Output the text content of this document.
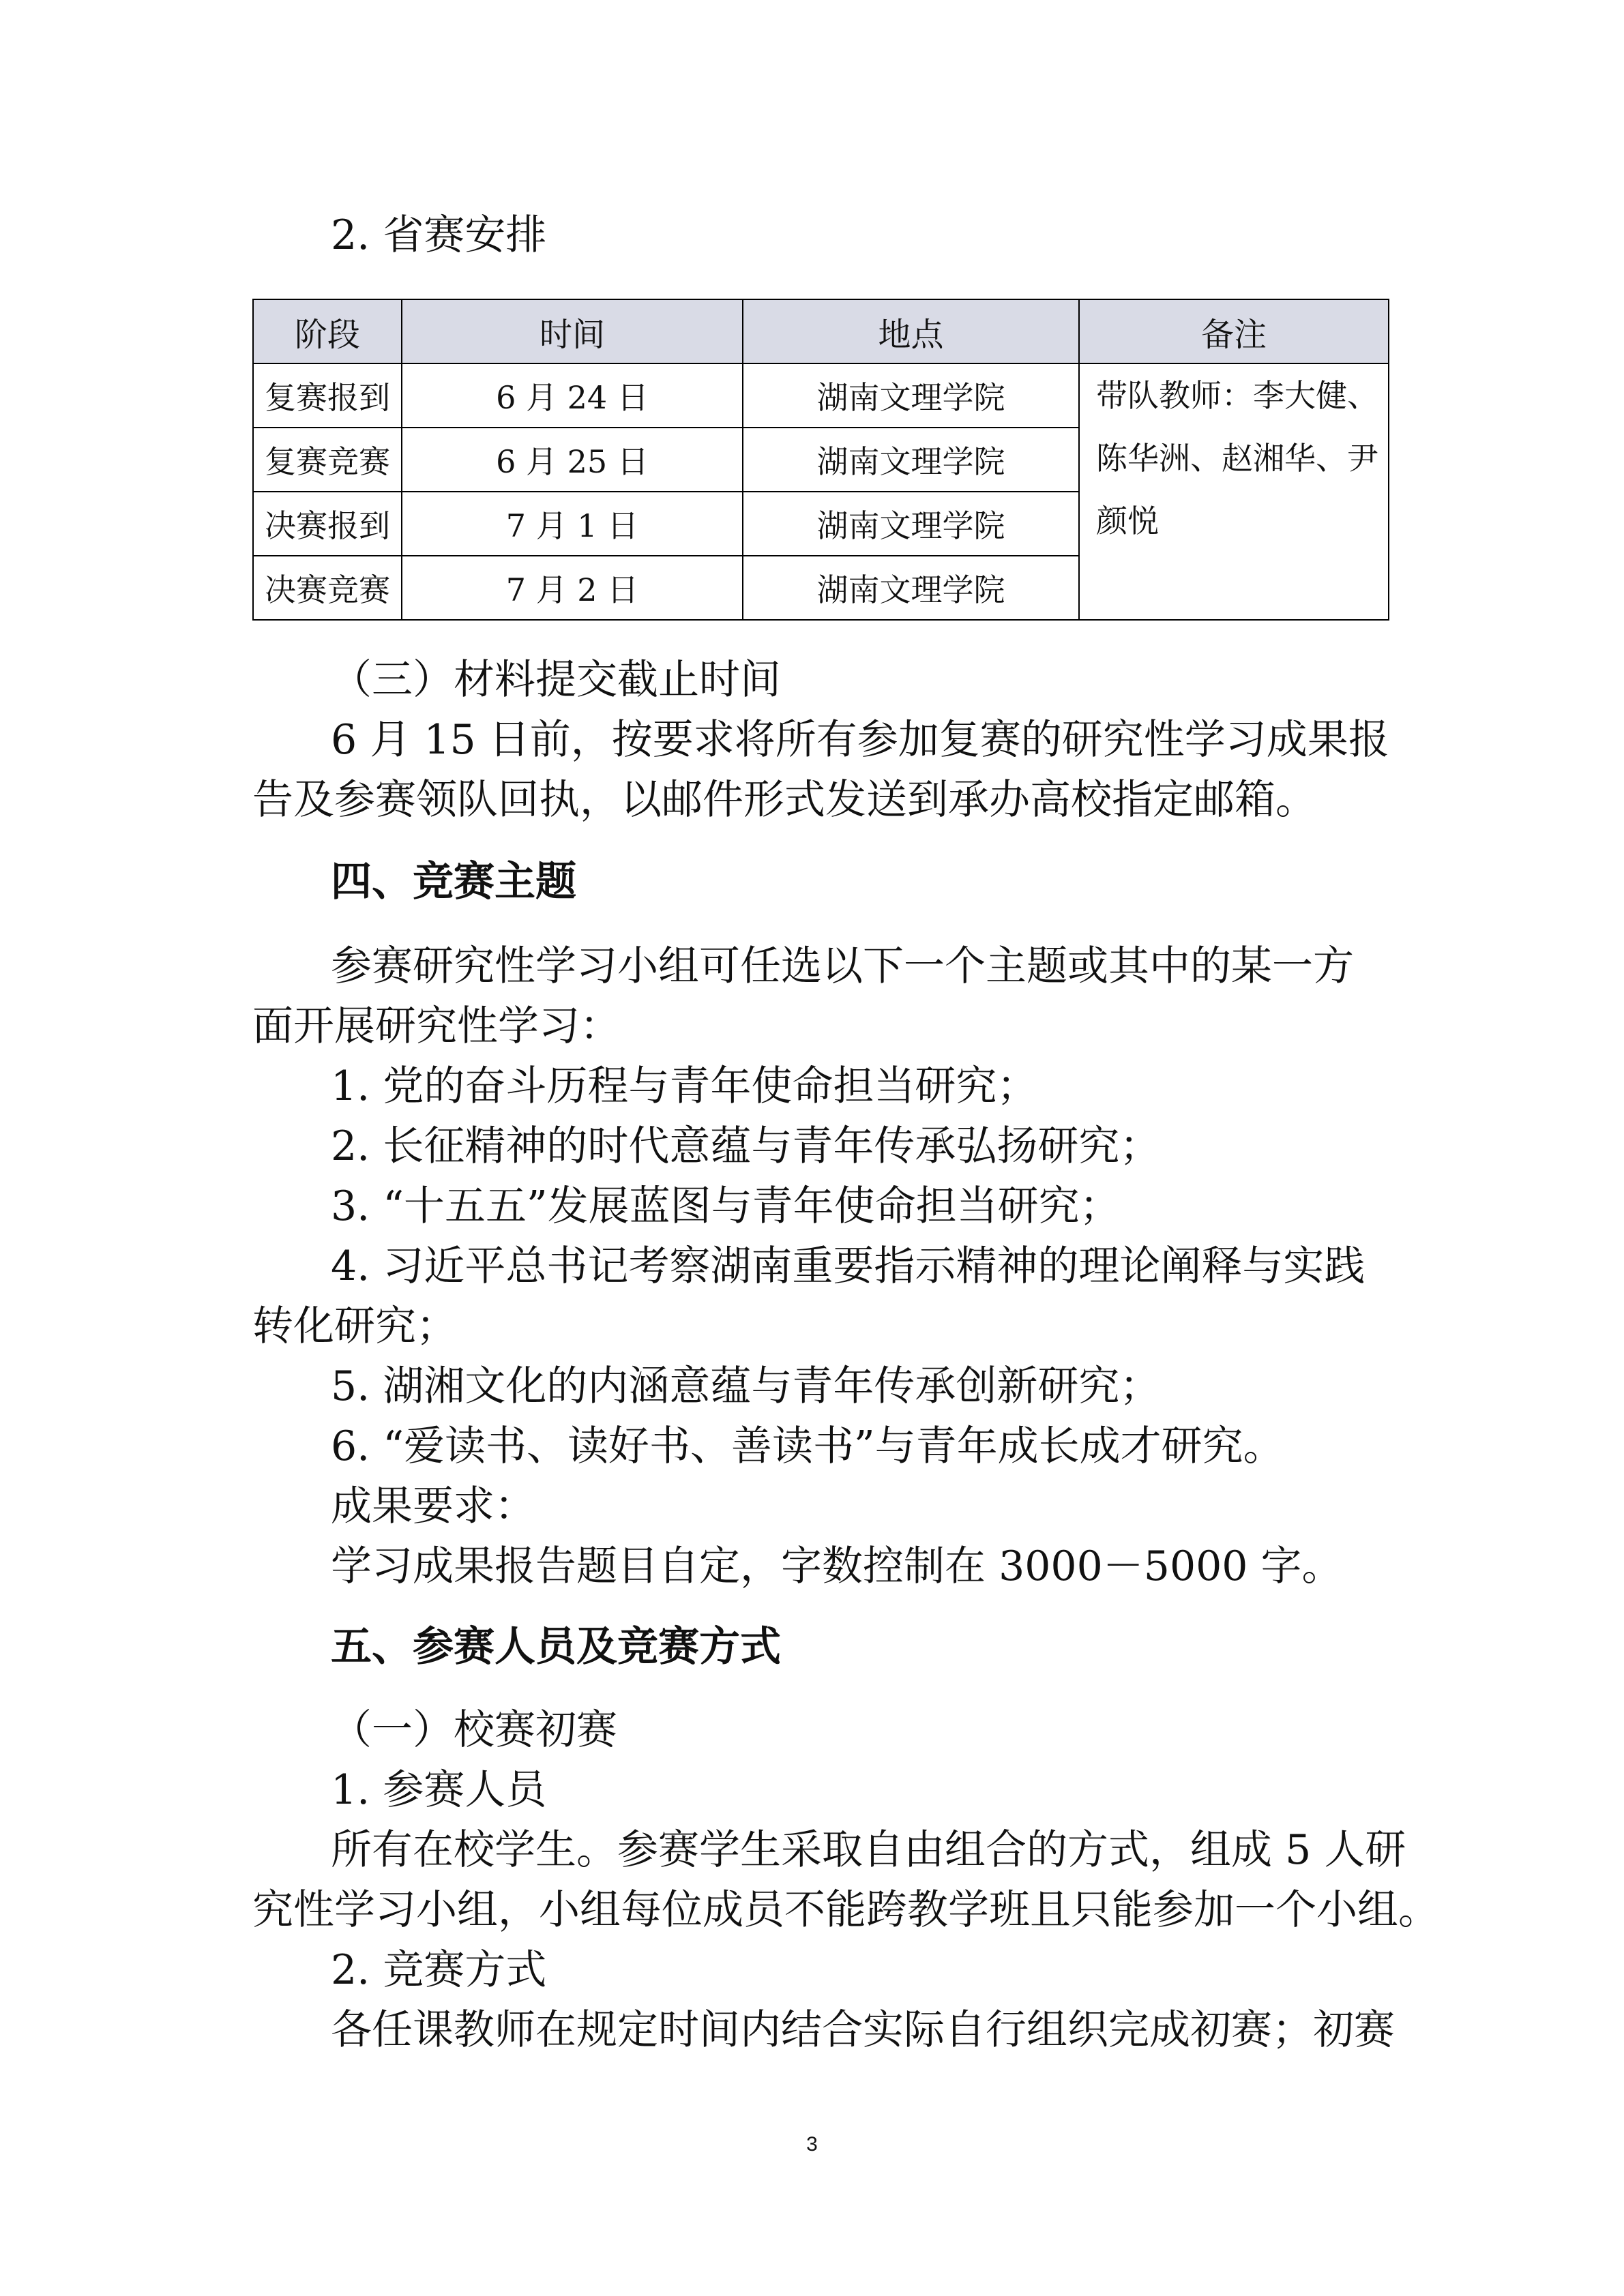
2. 省赛安排

阶段	时间	地点	备注
复赛报到	6 月 24 日	湖南文理学院	带队教师：李大健、陈华洲、赵湘华、尹颜悦
复赛竞赛	6 月 25 日	湖南文理学院	
决赛报到	7 月 1 日	湖南文理学院	
决赛竞赛	7 月 2 日	湖南文理学院	

（三）材料提交截止时间

6 月 15 日前，按要求将所有参加复赛的研究性学习成果报

告及参赛领队回执，以邮件形式发送到承办高校指定邮箱。

四、竞赛主题

参赛研究性学习小组可任选以下一个主题或其中的某一方

面开展研究性学习：

1. 党的奋斗历程与青年使命担当研究；

2. 长征精神的时代意蕴与青年传承弘扬研究；

3. “十五五”发展蓝图与青年使命担当研究；

4. 习近平总书记考察湖南重要指示精神的理论阐释与实践

转化研究；

5. 湖湘文化的内涵意蕴与青年传承创新研究；

6. “爱读书、读好书、善读书”与青年成长成才研究。

成果要求：

学习成果报告题目自定，字数控制在 3000－5000 字。

五、参赛人员及竞赛方式

（一）校赛初赛

1. 参赛人员

所有在校学生。参赛学生采取自由组合的方式，组成 5 人研

究性学习小组，小组每位成员不能跨教学班且只能参加一个小组。

2. 竞赛方式

各任课教师在规定时间内结合实际自行组织完成初赛；初赛

3
